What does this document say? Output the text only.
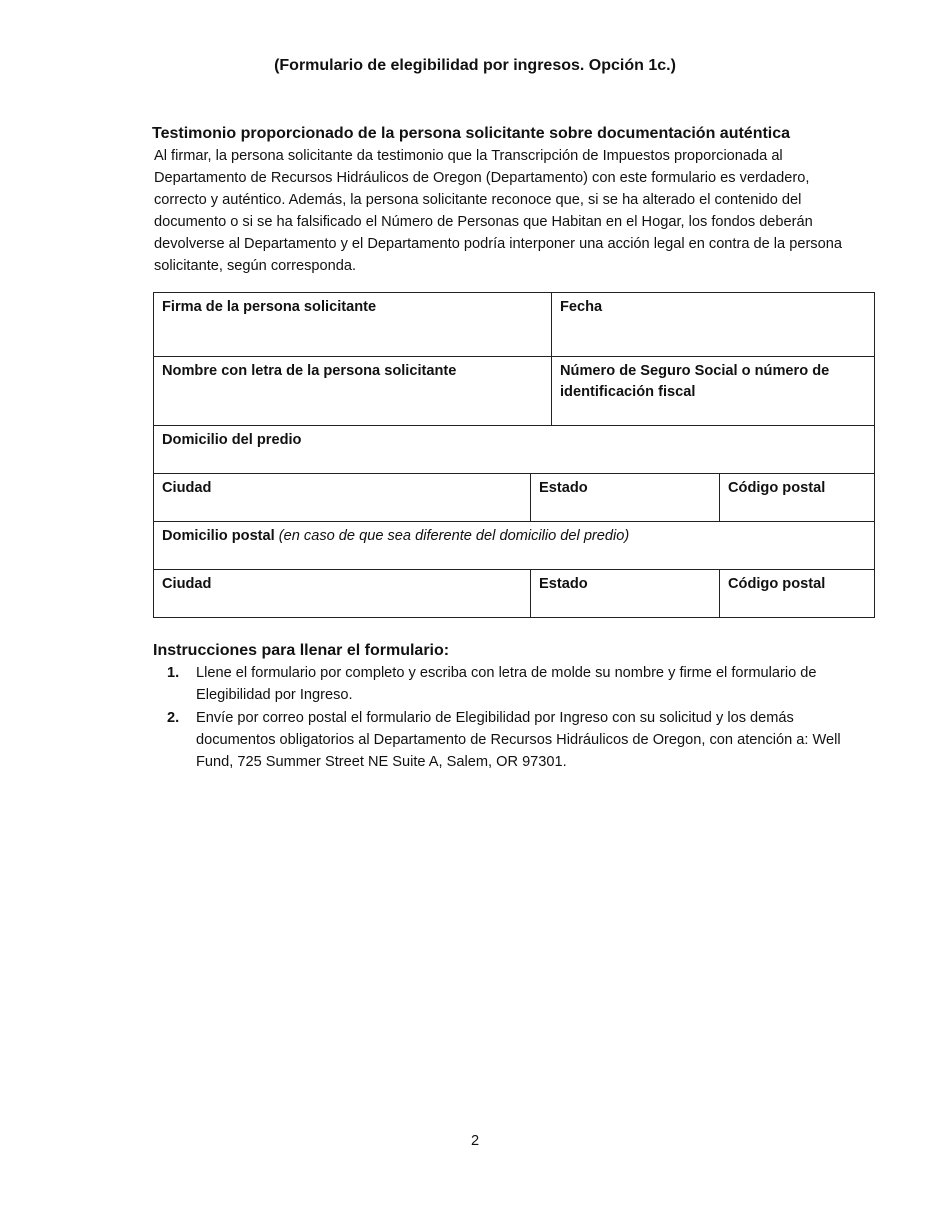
(Formulario de elegibilidad por ingresos. Opción 1c.)

Testimonio proporcionado de la persona solicitante sobre documentación auténtica

Al firmar, la persona solicitante da testimonio que la Transcripción de Impuestos proporcionada al Departamento de Recursos Hidráulicos de Oregon (Departamento) con este formulario es verdadero, correcto y auténtico. Además, la persona solicitante reconoce que, si se ha alterado el contenido del documento o si se ha falsificado el Número de Personas que Habitan en el Hogar, los fondos deberán devolverse al Departamento y el Departamento podría interponer una acción legal en contra de la persona solicitante, según corresponda.

Firma de la persona solicitante		Fecha	
Nombre con letra de la persona solicitante		Número de Seguro Social o número de identificación fiscal	
Domicilio del predio			
Ciudad	Estado		Código postal
Domicilio postal (en caso de que sea diferente del domicilio del predio)			
Ciudad	Estado		Código postal

Instrucciones para llenar el formulario:

1. Llene el formulario por completo y escriba con letra de molde su nombre y firme el formulario de Elegibilidad por Ingreso.
2. Envíe por correo postal el formulario de Elegibilidad por Ingreso con su solicitud y los demás documentos obligatorios al Departamento de Recursos Hidráulicos de Oregon, con atención a: Well Fund, 725 Summer Street NE Suite A, Salem, OR 97301.
2
